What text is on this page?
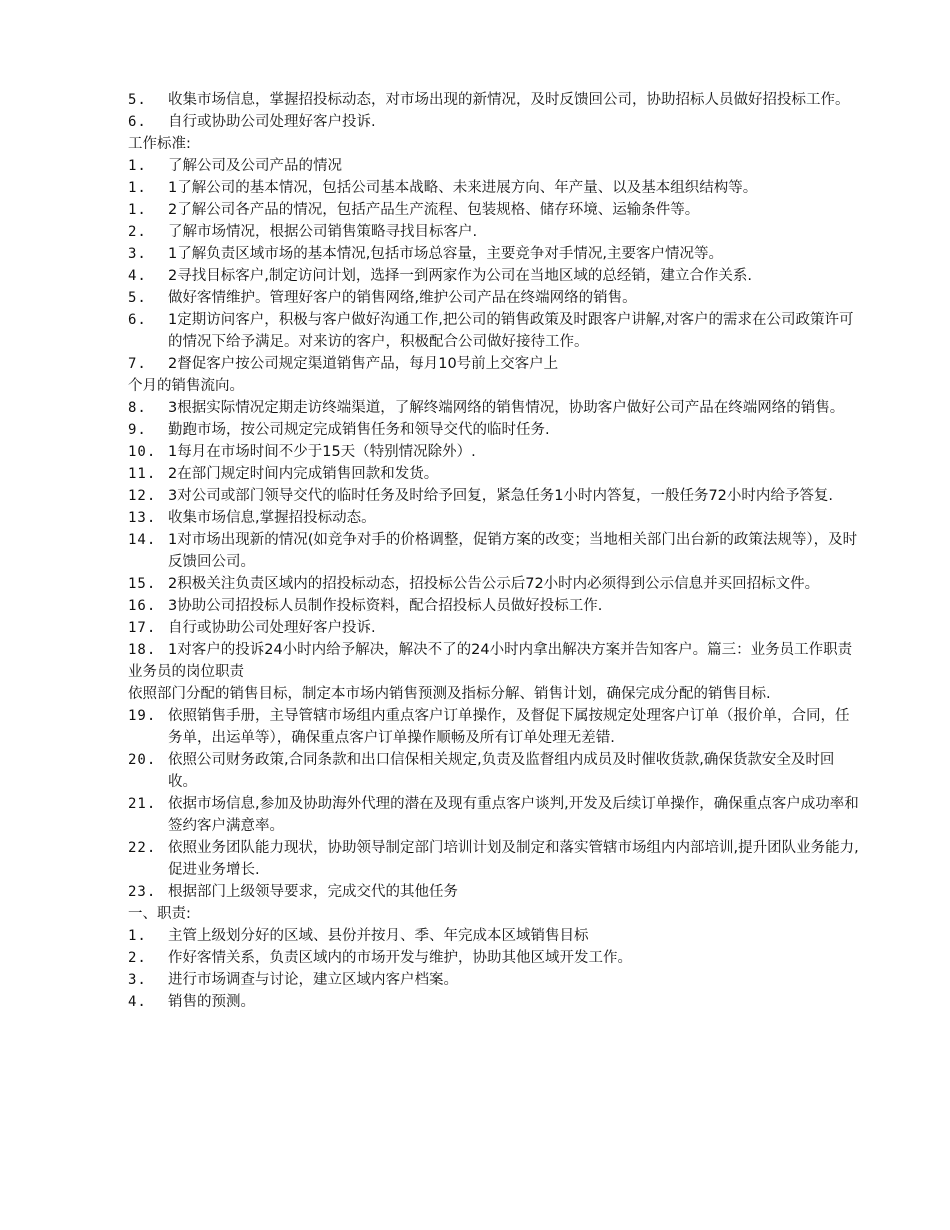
5. 收集市场信息，掌握招投标动态，对市场出现的新情况，及时反馈回公司，协助招标人员做好招投标工作。
6. 自行或协助公司处理好客户投诉.
工作标准:
1. 了解公司及公司产品的情况
1. 1了解公司的基本情况，包括公司基本战略、未来进展方向、年产量、以及基本组织结构等。
1. 2了解公司各产品的情况，包括产品生产流程、包装规格、储存环境、运输条件等。
2. 了解市场情况，根据公司销售策略寻找目标客户.
3. 1了解负责区域市场的基本情况,包括市场总容量，主要竞争对手情况,主要客户情况等。
4. 2寻找目标客户,制定访问计划，选择一到两家作为公司在当地区域的总经销，建立合作关系.
5. 做好客情维护。管理好客户的销售网络,维护公司产品在终端网络的销售。
6. 1定期访问客户，积极与客户做好沟通工作,把公司的销售政策及时跟客户讲解,对客户的需求在公司政策许可的情况下给予满足。对来访的客户，积极配合公司做好接待工作。
7. 2督促客户按公司规定渠道销售产品，每月10号前上交客户上
个月的销售流向。
8. 3根据实际情况定期走访终端渠道，了解终端网络的销售情况，协助客户做好公司产品在终端网络的销售。
9. 勤跑市场，按公司规定完成销售任务和领导交代的临时任务.
10. 1每月在市场时间不少于15天（特别情况除外）.
11. 2在部门规定时间内完成销售回款和发货。
12. 3对公司或部门领导交代的临时任务及时给予回复，紧急任务1小时内答复，一般任务72小时内给予答复.
13. 收集市场信息,掌握招投标动态。
14. 1对市场出现新的情况(如竞争对手的价格调整，促销方案的改变；当地相关部门出台新的政策法规等），及时反馈回公司。
15. 2积极关注负责区域内的招投标动态，招投标公告公示后72小时内必须得到公示信息并买回招标文件。
16. 3协助公司招投标人员制作投标资料，配合招投标人员做好投标工作.
17. 自行或协助公司处理好客户投诉.
18. 1对客户的投诉24小时内给予解决，解决不了的24小时内拿出解决方案并告知客户。篇三：业务员工作职责
业务员的岗位职责
依照部门分配的销售目标，制定本市场内销售预测及指标分解、销售计划，确保完成分配的销售目标.
19. 依照销售手册，主导管辖市场组内重点客户订单操作，及督促下属按规定处理客户订单（报价单，合同，任务单，出运单等），确保重点客户订单操作顺畅及所有订单处理无差错.
20. 依照公司财务政策,合同条款和出口信保相关规定,负责及监督组内成员及时催收货款,确保货款安全及时回收。
21. 依据市场信息,参加及协助海外代理的潜在及现有重点客户谈判,开发及后续订单操作，确保重点客户成功率和签约客户满意率。
22. 依照业务团队能力现状，协助领导制定部门培训计划及制定和落实管辖市场组内内部培训,提升团队业务能力,促进业务增长.
23. 根据部门上级领导要求，完成交代的其他任务
一、职责:
1. 主管上级划分好的区域、县份并按月、季、年完成本区域销售目标
2. 作好客情关系，负责区域内的市场开发与维护，协助其他区域开发工作。
3. 进行市场调查与讨论，建立区域内客户档案。
4. 销售的预测。
